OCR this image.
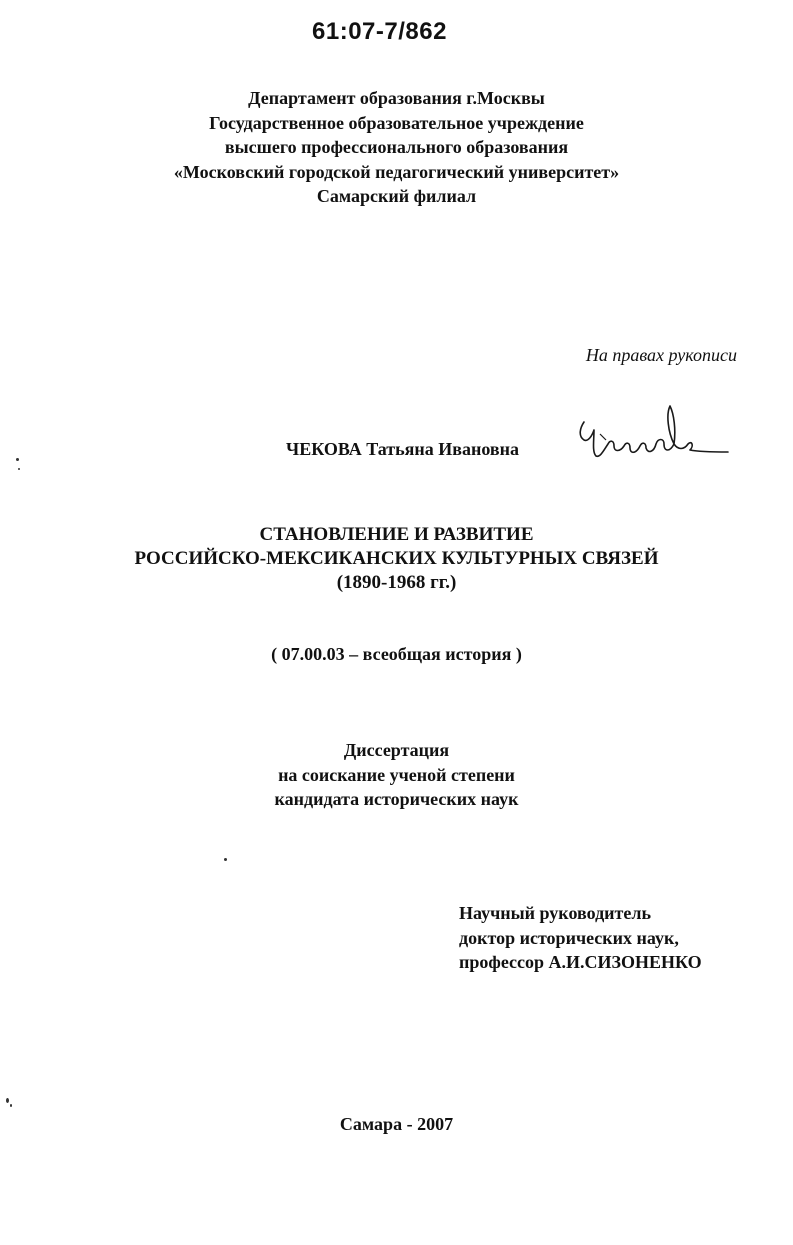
61:07-7/862
Департамент образования г.Москвы
Государственное образовательное учреждение
высшего профессионального образования
«Московский городской педагогический университет»
Самарский филиал
На правах рукописи
ЧЕКОВА Татьяна Ивановна
СТАНОВЛЕНИЕ И РАЗВИТИЕ
РОССИЙСКО-МЕКСИКАНСКИХ КУЛЬТУРНЫХ СВЯЗЕЙ
(1890-1968 гг.)
( 07.00.03 – всеобщая история )
Диссертация
на соискание ученой степени
кандидата исторических наук
Научный руководитель
доктор исторических наук,
профессор А.И.СИЗОНЕНКО
Самара - 2007
